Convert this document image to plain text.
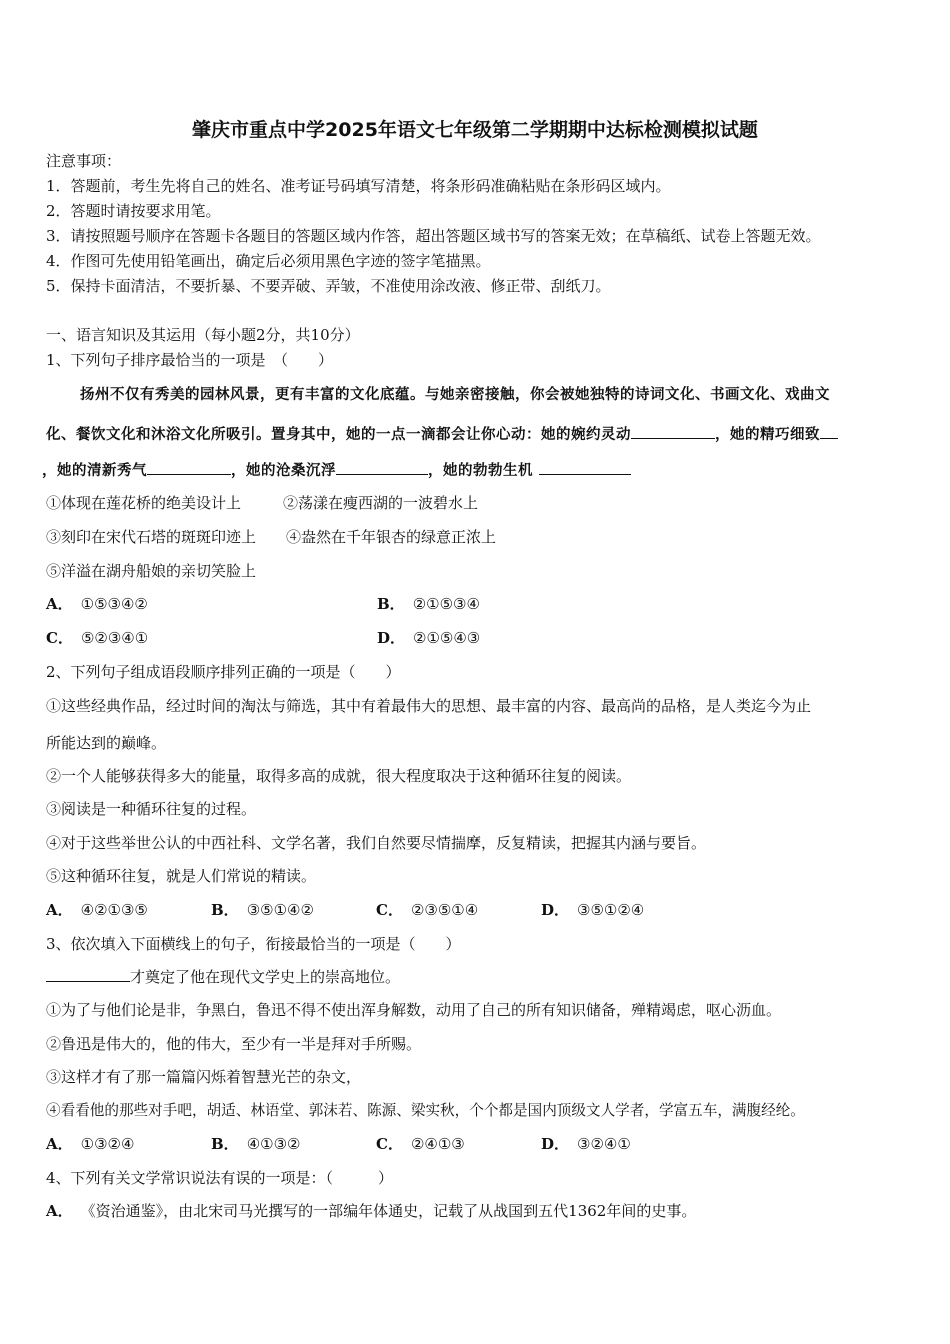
肇庆市重点中学2025年语文七年级第二学期期中达标检测模拟试题
注意事项：
1．答题前，考生先将自己的姓名、准考证号码填写清楚，将条形码准确粘贴在条形码区域内。
2．答题时请按要求用笔。
3．请按照题号顺序在答题卡各题目的答题区域内作答，超出答题区域书写的答案无效；在草稿纸、试卷上答题无效。
4．作图可先使用铅笔画出，确定后必须用黑色字迹的签字笔描黑。
5．保持卡面清洁，不要折暴、不要弄破、弄皱，不准使用涂改液、修正带、刮纸刀。
一、语言知识及其运用（每小题2分，共10分）
1、下列句子排序最恰当的一项是　（　　）
扬州不仅有秀美的园林风景，更有丰富的文化底蕴。与她亲密接触，你会被她独特的诗词文化、书画文化、戏曲文
化、餐饮文化和沐浴文化所吸引。置身其中，她的一点一滴都会让你心动：她的婉约灵动	，她的精巧细致
，她的清新秀气	，她的沧桑沉浮	，她的勃勃生机
①体现在莲花桥的绝美设计上	②荡漾在瘦西湖的一波碧水上
③刻印在宋代石塔的斑斑印迹上 ④盎然在千年银杏的绿意正浓上
⑤洋溢在湖舟船娘的亲切笑脸上
A． ①⑤③④②	B． ②①⑤③④
C． ⑤②③④①	D． ②①⑤④③
2、下列句子组成语段顺序排列正确的一项是（　　）
①这些经典作品，经过时间的淘汰与筛选，其中有着最伟大的思想、最丰富的内容、最高尚的品格，是人类迄今为止
所能达到的巅峰。
②一个人能够获得多大的能量，取得多高的成就，很大程度取决于这种循环往复的阅读。
③阅读是一种循环往复的过程。
④对于这些举世公认的中西社科、文学名著，我们自然要尽情揣摩，反复精读，把握其内涵与要旨。
⑤这种循环往复，就是人们常说的精读。
A． ④②①③⑤	B． ③⑤①④②	C． ②③⑤①④	D． ③⑤①②④
3、依次填入下面横线上的句子，衔接最恰当的一项是（　　）
才奠定了他在现代文学史上的崇高地位。
①为了与他们论是非，争黑白，鲁迅不得不使出浑身解数，动用了自己的所有知识储备，殚精竭虑，呕心沥血。
②鲁迅是伟大的，他的伟大，至少有一半是拜对手所赐。
③这样才有了那一篇篇闪烁着智慧光芒的杂文，
④看看他的那些对手吧，胡适、林语堂、郭沫若、陈源、梁实秋，个个都是国内顶级文人学者，学富五车，满腹经纶。
A． ①③②④	B． ④①③②	C． ②④①③	D． ③②④①
4、下列有关文学常识说法有误的一项是：（　　　）
A． 《资治通鉴》，由北宋司马光撰写的一部编年体通史，记载了从战国到五代1362年间的史事。
